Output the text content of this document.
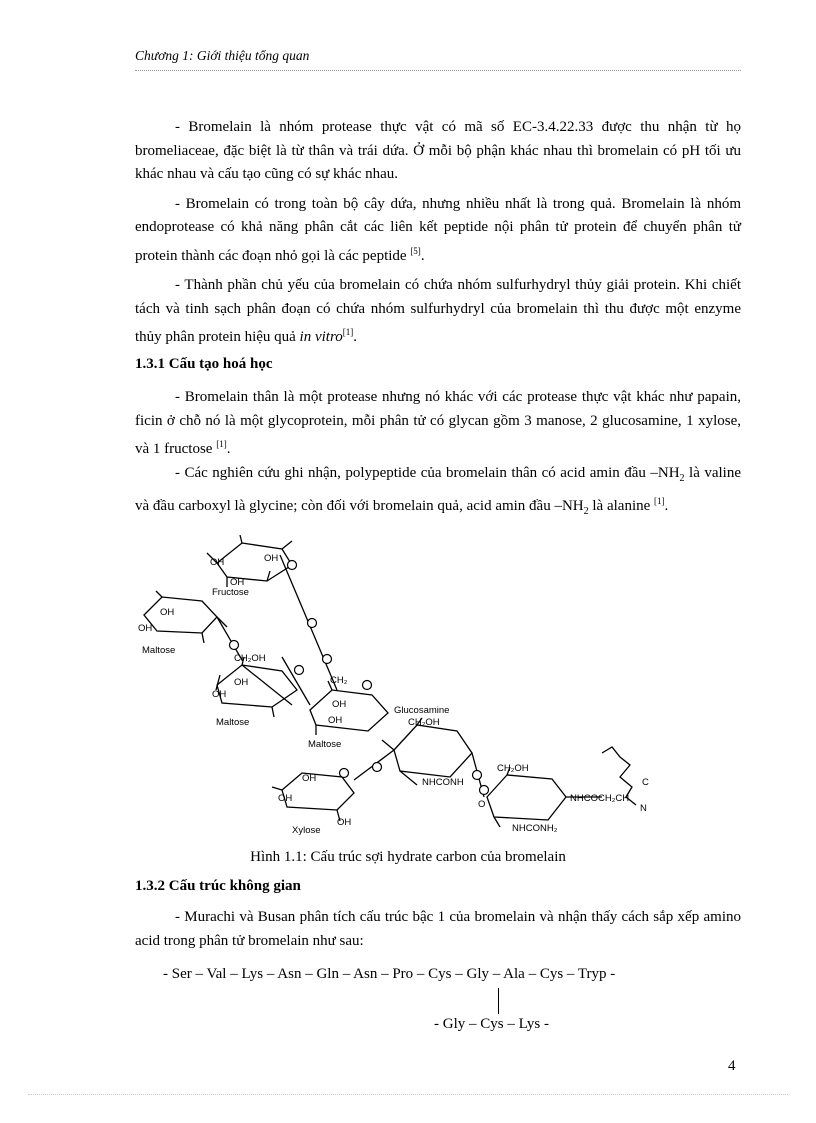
Chương 1: Giới thiệu tổng quan

- Bromelain là nhóm protease thực vật có mã số EC-3.4.22.33 được thu nhận từ họ bromeliaceae, đặc biệt là từ thân và trái dứa. Ở mỗi bộ phận khác nhau thì bromelain có pH tối ưu khác nhau và cấu tạo cũng có sự khác nhau.

- Bromelain có trong toàn bộ cây dứa, nhưng nhiều nhất là trong quả. Bromelain là nhóm endoprotease có khả năng phân cắt các liên kết peptide nội phân tử protein để chuyển phân tử protein thành các đoạn nhỏ gọi là các peptide [5].

- Thành phần chủ yếu của bromelain có chứa nhóm sulfurhydryl thủy giải protein. Khi chiết tách và tinh sạch phân đoạn có chứa nhóm sulfurhydryl của bromelain thì thu được một enzyme thủy phân protein hiệu quả in vitro[1].

1.3.1 Cấu tạo hoá học

- Bromelain thân là một protease nhưng nó khác với các protease thực vật khác như papain, ficin ở chỗ nó là một glycoprotein, mỗi phân tử có glycan gồm 3 manose, 2 glucosamine, 1 xylose, và 1 fructose [1].

- Các nghiên cứu ghi nhận, polypeptide của bromelain thân có acid amin đầu $-NH_2$ là valine và đầu carboxyl là glycine; còn đối với bromelain quả, acid amin đầu $-NH_2$ là alanine [1].

OH	OH
OH
Fructose
OH
OH
Maltose
CH₂OH
OH
OH
Maltose
CH₂
OH
OH
Maltose
Glucosamine
CH₂OH
NHCONH
CH₂OH
OH
OH
OH
Xylose
O
NHCONH₂
NHCOCH₂CH
C
N
Hình 1.1: Cấu trúc sợi hydrate carbon của bromelain
1.3.2 Cấu trúc không gian

- Murachi và Busan phân tích cấu trúc bậc 1 của bromelain và nhận thấy cách sắp xếp amino acid trong phân tử bromelain như sau:

- Ser – Val – Lys – Asn – Gln – Asn – Pro – Cys – Gly – Ala – Cys – Tryp -
- Gly – Cys – Lys -
4
